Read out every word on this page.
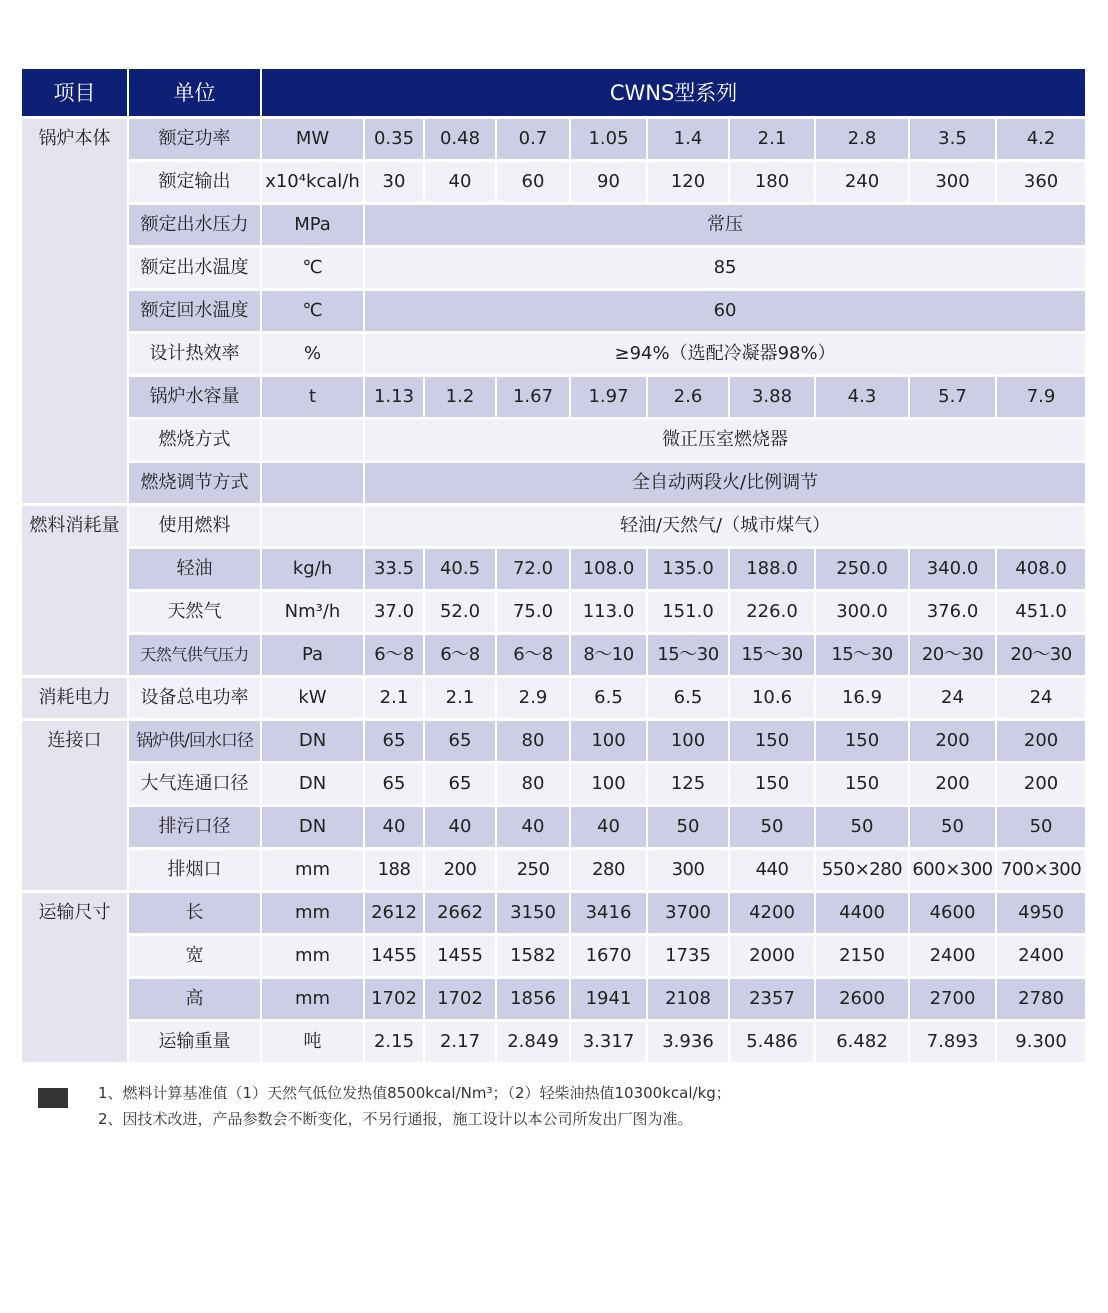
项目	单位	CWNS型系列									
锅炉本体	额定功率	MW	0.35	0.48	0.7	1.05	1.4	2.1	2.8	3.5	4.2
	额定输出	x10⁴kcal/h	30	40	60	90	120	180	240	300	360
	额定出水压力	MPa	常压								
	额定出水温度	℃	85								
	额定回水温度	℃	60								
	设计热效率	%	≥94%（选配冷凝器98%）								
	锅炉水容量	t	1.13	1.2	1.67	1.97	2.6	3.88	4.3	5.7	7.9
	燃烧方式		微正压室燃烧器								
	燃烧调节方式		全自动两段火/比例调节								
燃料消耗量	使用燃料		轻油/天然气/（城市煤气）								
	轻油	kg/h	33.5	40.5	72.0	108.0	135.0	188.0	250.0	340.0	408.0
	天然气	Nm³/h	37.0	52.0	75.0	113.0	151.0	226.0	300.0	376.0	451.0
	天然气供气压力	Pa	6～8	6～8	6～8	8～10	15～30	15～30	15～30	20～30	20～30
消耗电力	设备总电功率	kW	2.1	2.1	2.9	6.5	6.5	10.6	16.9	24	24
连接口	锅炉供/回水口径	DN	65	65	80	100	100	150	150	200	200
	大气连通口径	DN	65	65	80	100	125	150	150	200	200
	排污口径	DN	40	40	40	40	50	50	50	50	50
	排烟口	mm	188	200	250	280	300	440	550×280	600×300	700×300
运输尺寸	长	mm	2612	2662	3150	3416	3700	4200	4400	4600	4950
	宽	mm	1455	1455	1582	1670	1735	2000	2150	2400	2400
	高	mm	1702	1702	1856	1941	2108	2357	2600	2700	2780
	运输重量	吨	2.15	2.17	2.849	3.317	3.936	5.486	6.482	7.893	9.300
1、燃料计算基准值（1）天然气低位发热值8500kcal/Nm³；（2）轻柴油热值10300kcal/kg；
2、因技术改进，产品参数会不断变化，不另行通报，施工设计以本公司所发出厂图为准。
